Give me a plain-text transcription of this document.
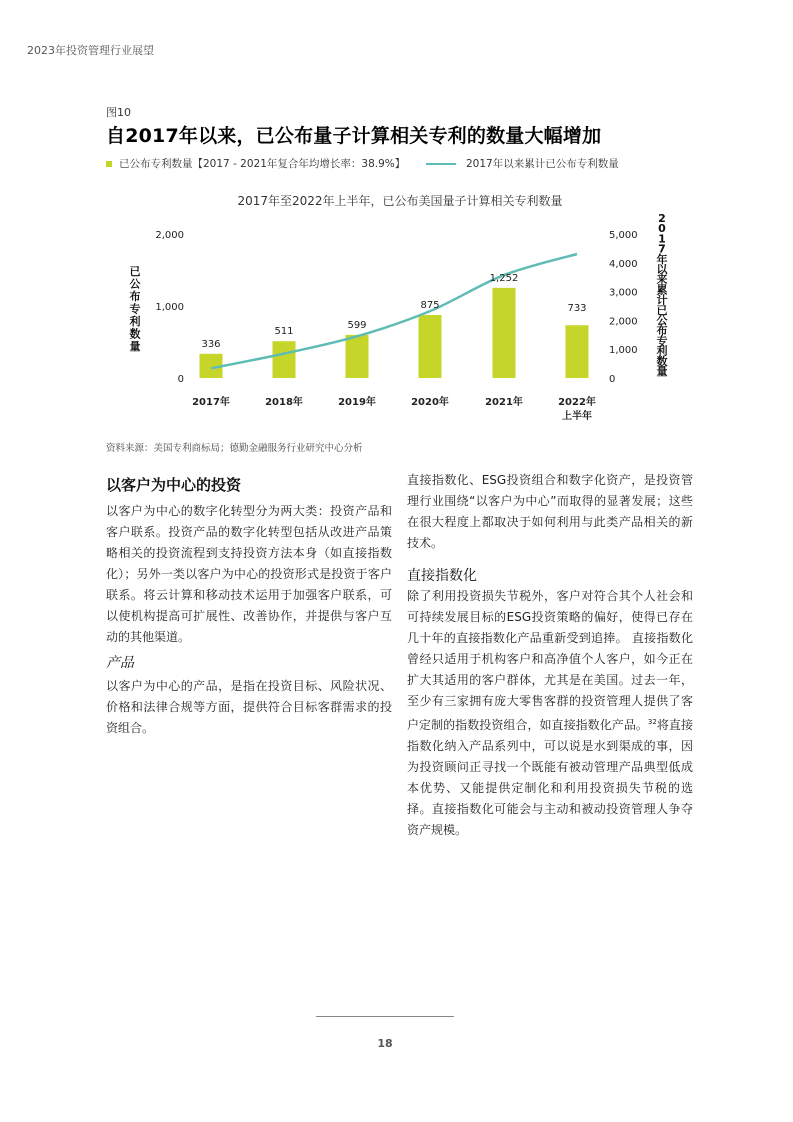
2023年投资管理行业展望
图10
自2017年以来，已公布量子计算相关专利的数量大幅增加
已公布专利数量【2017 - 2021年复合年均增长率：38.9%】	2017年以来累计已公布专利数量
2017年至2022年上半年，已公布美国量子计算相关专利数量
0
1,000
2,000
0
1,000
2,000
3,000
4,000
5,000
336
511
599
875
1,252
733
2017年	2018年	2019年	2020年	2021年	2022年
上半年
已
公
布
专
利
数
量
2
0
1
7
年
以
来
累
计
已
公
布
专
利
数
量
资料来源：美国专利商标局；德勤金融服务行业研究中心分析
以客户为中心的投资
以客户为中心的数字化转型分为两大类：投资产品和客户联系。投资产品的数字化转型包括从改进产品策略相关的投资流程到支持投资方法本身（如直接指数化）；另外一类以客户为中心的投资形式是投资于客户联系。将云计算和移动技术运用于加强客户联系，可以使机构提高可扩展性、改善协作，并提供与客户互动的其他渠道。
产品
以客户为中心的产品，是指在投资目标、风险状况、价格和法律合规等方面，提供符合目标客群需求的投资组合。
直接指数化、ESG投资组合和数字化资产，是投资管理行业围绕“以客户为中心”而取得的显著发展；这些在很大程度上都取决于如何利用与此类产品相关的新技术。
直接指数化
除了利用投资损失节税外，客户对符合其个人社会和可持续发展目标的ESG投资策略的偏好，使得已存在几十年的直接指数化产品重新受到追捧。 直接指数化曾经只适用于机构客户和高净值个人客户，如今正在扩大其适用的客户群体，尤其是在美国。过去一年，至少有三家拥有庞大零售客群的投资管理人提供了客户定制的指数投资组合，如直接指数化产品。$^{32}$将直接指数化纳入产品系列中，可以说是水到渠成的事，因为投资顾问正寻找一个既能有被动管理产品典型低成本优势、又能提供定制化和利用投资损失节税的选择。直接指数化可能会与主动和被动投资管理人争夺资产规模。
18
